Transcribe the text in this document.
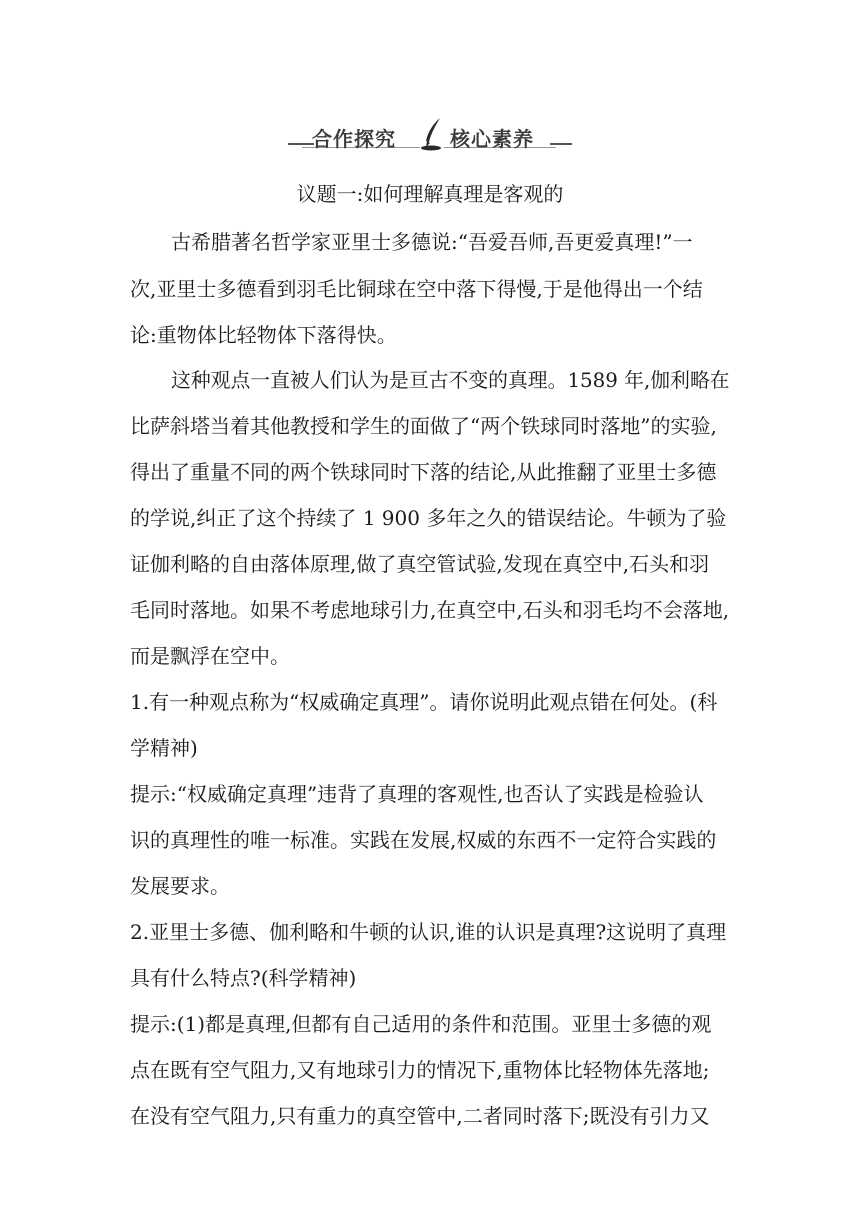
合作探究	核心素养
议题一:如何理解真理是客观的
古希腊著名哲学家亚里士多德说:“吾爱吾师,吾更爱真理!”一
次,亚里士多德看到羽毛比铜球在空中落下得慢,于是他得出一个结
论:重物体比轻物体下落得快。
这种观点一直被人们认为是亘古不变的真理。1589 年,伽利略在
比萨斜塔当着其他教授和学生的面做了“两个铁球同时落地”的实验,
得出了重量不同的两个铁球同时下落的结论,从此推翻了亚里士多德
的学说,纠正了这个持续了 1 900 多年之久的错误结论。牛顿为了验
证伽利略的自由落体原理,做了真空管试验,发现在真空中,石头和羽
毛同时落地。如果不考虑地球引力,在真空中,石头和羽毛均不会落地,
而是飘浮在空中。
1.有一种观点称为“权威确定真理”。请你说明此观点错在何处。(科
学精神)
提示:“权威确定真理”违背了真理的客观性,也否认了实践是检验认
识的真理性的唯一标准。实践在发展,权威的东西不一定符合实践的
发展要求。
2.亚里士多德、伽利略和牛顿的认识,谁的认识是真理?这说明了真理
具有什么特点?(科学精神)
提示:(1)都是真理,但都有自己适用的条件和范围。亚里士多德的观
点在既有空气阻力,又有地球引力的情况下,重物体比轻物体先落地;
在没有空气阻力,只有重力的真空管中,二者同时落下;既没有引力又
